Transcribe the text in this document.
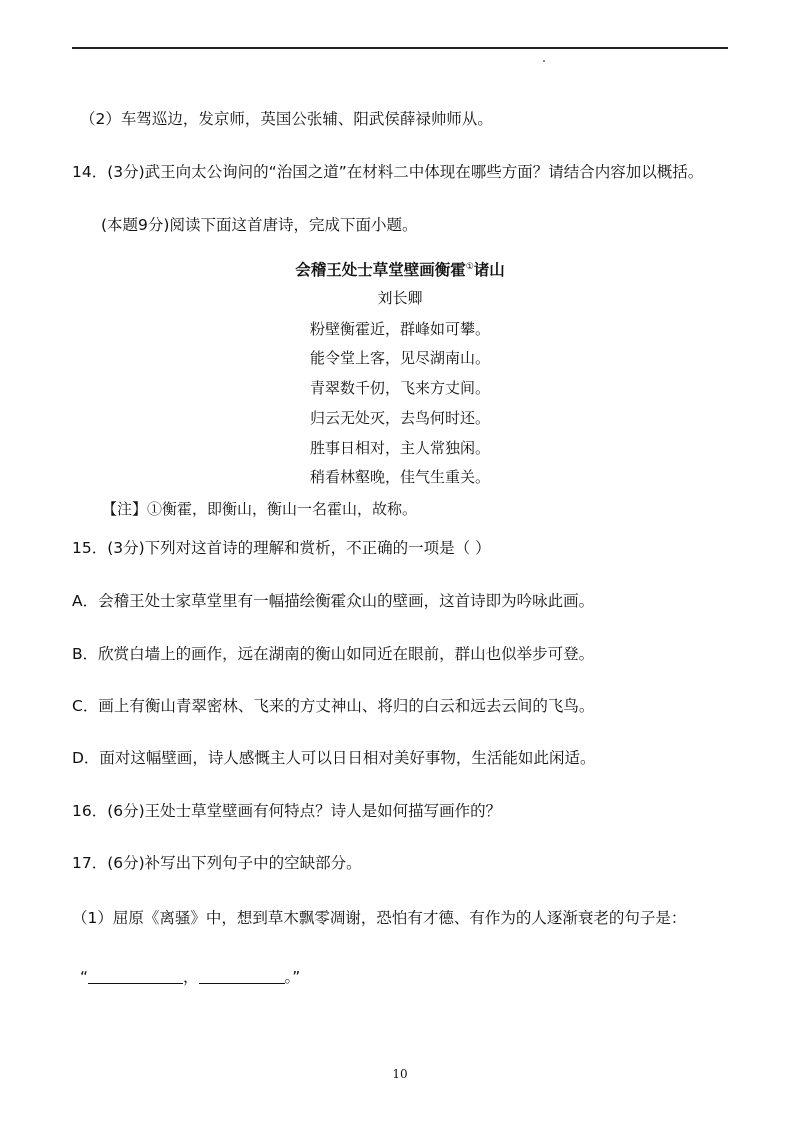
（2）车驾巡边，发京师，英国公张辅、阳武侯薛禄帅师从。
14．(3分)武王向太公询问的“治国之道”在材料二中体现在哪些方面？请结合内容加以概括。
(本题9分)阅读下面这首唐诗，完成下面小题。
会稽王处士草堂壁画衡霍①诸山
刘长卿
粉壁衡霍近，群峰如可攀。
能令堂上客，见尽湖南山。
青翠数千仞，飞来方丈间。
归云无处灭，去鸟何时还。
胜事日相对，主人常独闲。
稍看林壑晚，佳气生重关。
【注】①衡霍，即衡山，衡山一名霍山，故称。
15．(3分)下列对这首诗的理解和赏析，不正确的一项是（ ）
A．会稽王处士家草堂里有一幅描绘衡霍众山的壁画，这首诗即为吟咏此画。
B．欣赏白墙上的画作，远在湖南的衡山如同近在眼前，群山也似举步可登。
C．画上有衡山青翠密林、飞来的方丈神山、将归的白云和远去云间的飞鸟。
D．面对这幅壁画，诗人感慨主人可以日日相对美好事物，生活能如此闲适。
16．(6分)王处士草堂壁画有何特点？诗人是如何描写画作的？
17．(6分)补写出下列句子中的空缺部分。
（1）屈原《离骚》中，想到草木飘零凋谢，恐怕有才德、有作为的人逐渐衰老的句子是：
“	，	。”
10
